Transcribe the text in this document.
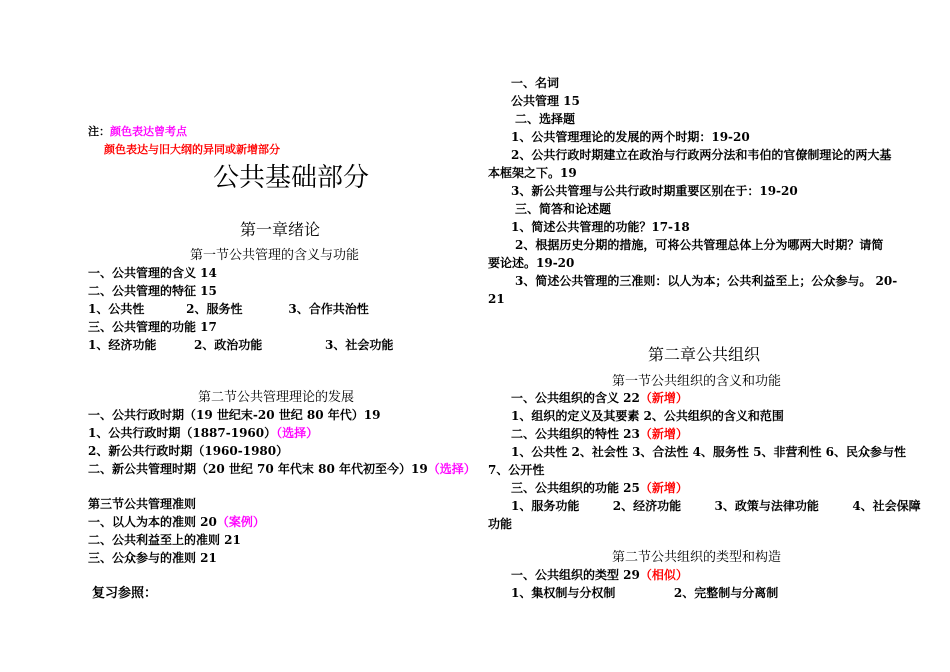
注：颜色表达曾考点
颜色表达与旧大纲的异同或新增部分
公共基础部分
第一章绪论
第一节公共管理的含义与功能
一、公共管理的含义 14
二、公共管理的特征 15
1、公共性          2、服务性           3、合作共治性
三、公共管理的功能 17
1、经济功能         2、政治功能               3、社会功能
第二节公共管理理论的发展
一、公共行政时期（19 世纪末-20 世纪 80 年代）19
1、公共行政时期（1887-1960）（选择）
2、新公共行政时期（1960-1980）
二、新公共管理时期（20 世纪 70 年代末 80 年代初至今）19（选择）
第三节公共管理准则
一、以人为本的准则 20（案例）
二、公共利益至上的准则 21
三、公众参与的准则 21
复习参照：
一、名词
公共管理 15
二、选择题
1、公共管理理论的发展的两个时期：19-20
2、公共行政时期建立在政治与行政两分法和韦伯的官僚制理论的两大基
本框架之下。19
3、新公共管理与公共行政时期重要区别在于：19-20
三、简答和论述题
1、简述公共管理的功能？17-18
2、根据历史分期的措施，可将公共管理总体上分为哪两大时期？请简
要论述。19-20
3、简述公共管理的三准则：以人为本；公共利益至上；公众参与。 20-
21
第二章公共组织
第一节公共组织的含义和功能
一、公共组织的含义 22（新增）
1、组织的定义及其要素 2、公共组织的含义和范围
二、公共组织的特性 23（新增）
1、公共性 2、社会性 3、合法性 4、服务性 5、非营利性 6、民众参与性
7、公开性
三、公共组织的功能 25（新增）
1、服务功能        2、经济功能        3、政策与法律功能        4、社会保障
功能
第二节公共组织的类型和构造
一、公共组织的类型 29（相似）
1、集权制与分权制              2、完整制与分离制
